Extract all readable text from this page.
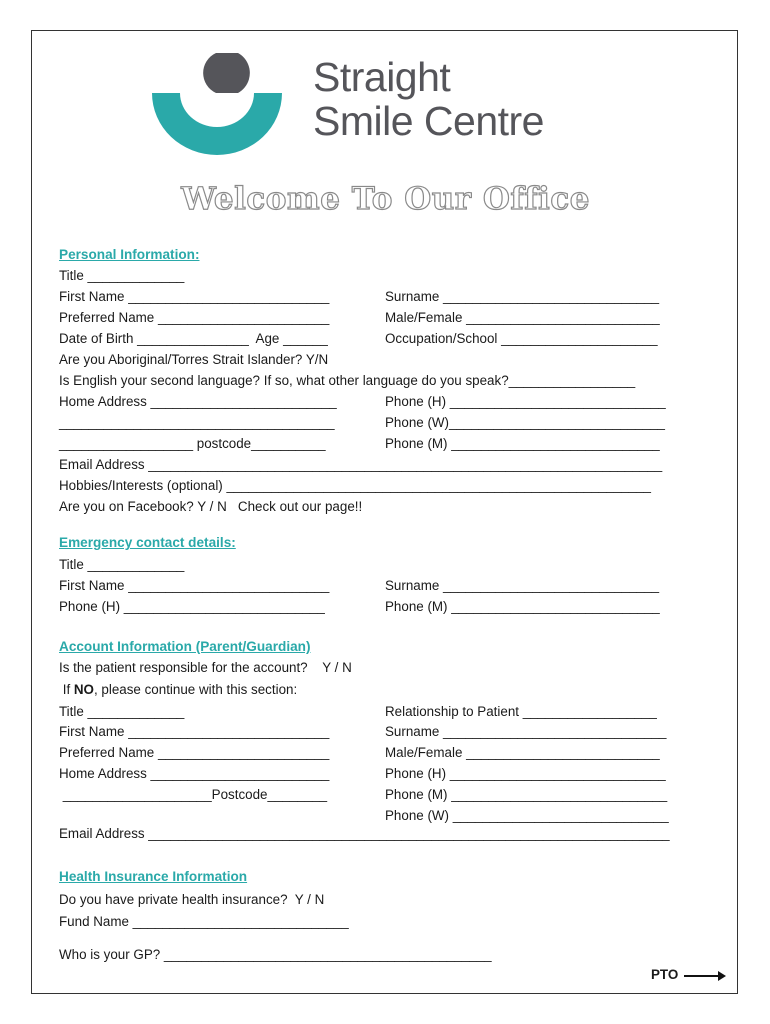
Straight
Smile Centre
Welcome To Our Office
Personal Information:
Title _____________
First Name ___________________________	Surname _____________________________
Preferred Name _______________________	Male/Female __________________________
Date of Birth _______________  Age ______	Occupation/School _____________________
Are you Aboriginal/Torres Strait Islander? Y/N
Is English your second language? If so, what other language do you speak?_________________
Home Address _________________________	Phone (H) _____________________________
_____________________________________	Phone (W)_____________________________
__________________ postcode__________	Phone (M) ____________________________
Email Address _____________________________________________________________________
Hobbies/Interests (optional) _________________________________________________________
Are you on Facebook? Y / N   Check out our page!!
Emergency contact details:
Title _____________
First Name ___________________________	Surname _____________________________
Phone (H) ___________________________	Phone (M) ____________________________
Account Information (Parent/Guardian)
Is the patient responsible for the account?    Y / N
If NO, please continue with this section:
Title _____________	Relationship to Patient __________________
First Name ___________________________	Surname ______________________________
Preferred Name _______________________	Male/Female __________________________
Home Address ________________________	Phone (H) _____________________________
____________________Postcode________	Phone (M) _____________________________
Phone (W) _____________________________
Email Address ______________________________________________________________________
Health Insurance Information
Do you have private health insurance?  Y / N
Fund Name _____________________________
Who is your GP? ____________________________________________
PTO
